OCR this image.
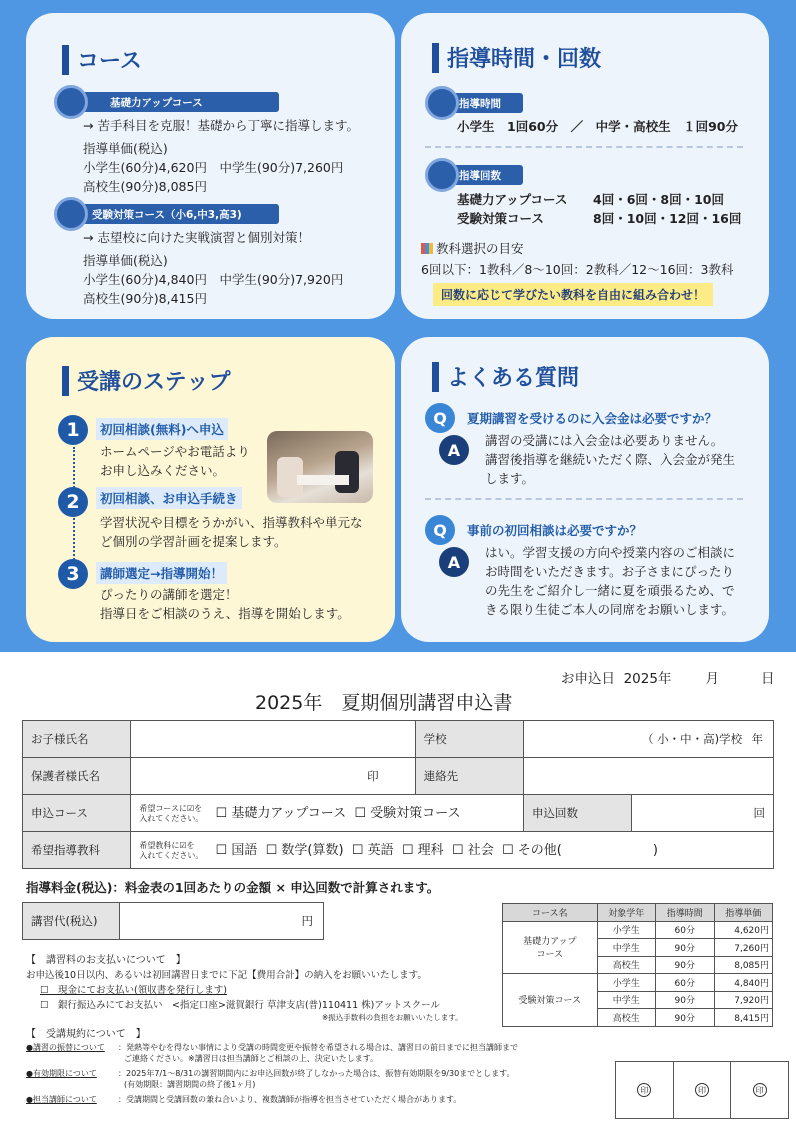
コース
基礎力アップコース
→ 苦手科目を克服！基礎から丁寧に指導します。
指導単価(税込)
小学生(60分)4,620円　中学生(90分)7,260円
高校生(90分)8,085円
受験対策コース（小6,中3,高3)
→ 志望校に向けた実戦演習と個別対策！
指導単価(税込)
小学生(60分)4,840円　中学生(90分)7,920円
高校生(90分)8,415円
指導時間・回数
指導時間
小学生　1回60分　／　中学・高校生　１回90分
指導回数
基礎力アップコース 4回・6回・8回・10回
受験対策コース	8回・10回・12回・16回
教科選択の目安
6回以下：1教科／8〜10回：2教科／12〜16回：3教科
回数に応じて学びたい教科を自由に組み合わせ！
受講のステップ
1	初回相談(無料)へ申込
ホームページやお電話より
お申し込みください。
2	初回相談、お申込手続き
学習状況や目標をうかがい、指導教科や単元な
ど個別の学習計画を提案します。
3	講師選定→指導開始！
ぴったりの講師を選定！
指導日をご相談のうえ、指導を開始します。
よくある質問
Q	夏期講習を受けるのに入会金は必要ですか？
A	講習の受講には入会金は必要ありません。
講習後指導を継続いただく際、入会金が発生
します。
Q	事前の初回相談は必要ですか？
A	はい。学習支援の方向や授業内容のご相談に
お時間をいただきます。お子さまにぴったり
の先生をご紹介し一緒に夏を頑張るため、で
きる限り生徒ご本人の同席をお願いします。
お申込日 2025年	月	日
2025年　夏期個別講習申込書
お子様氏名		学校	（ 小・中・高)学校 年	

保護者様氏名	印	連絡先		
申込コース	希望コースに☑を
入れてください。 ☐ 基礎力アップコース ☐ 受験対策コース		申込回数	回
希望指導教科	希望教科に☑を
入れてください。 ☐ 国語 ☐ 数学(算数) ☐ 英語 ☐ 理科 ☐ 社会 ☐ その他(　　　　　　　)			
指導料金(税込)：料金表の1回あたりの金額 × 申込回数で計算されます。
講習代(税込)	円
【　講習料のお支払いについて　】
お申込後10日以内、あるいは初回講習日までに下記【費用合計】の納入をお願いいたします。
☐　現金にてお支払い(領収書を発行します)
☐　銀行振込みにてお支払い　<指定口座>滋賀銀行 草津支店(普)110411 株)アットスクール
※振込手数料の負担をお願いいたします。
【　受講規約について　】
●講習の振替について ：発熱等やむを得ない事情により受講の時間変更や振替を希望される場合は、講習日の前日までに担当講師まで
ご連絡ください。※講習日は担当講師とご相談の上、決定いたします。
●有効期限について	：2025年7/1〜8/31の講習期間内にお申込回数が終了しなかった場合は、振替有効期限を9/30までとします。
(有効期限：講習期間の終了後1ヶ月)
●担当講師について	：受講期間と受講回数の兼ね合いより、複数講師が指導を担当させていただく場合があります。
コース名	対象学年	指導時間	指導単価
基礎力アップ
コース	小学生	60分	4,620円
	中学生	90分	7,260円
	高校生	90分	8,085円
受験対策コース	小学生	60分	4,840円
	中学生	90分	7,920円
	高校生	90分	8,415円
印	印	印
